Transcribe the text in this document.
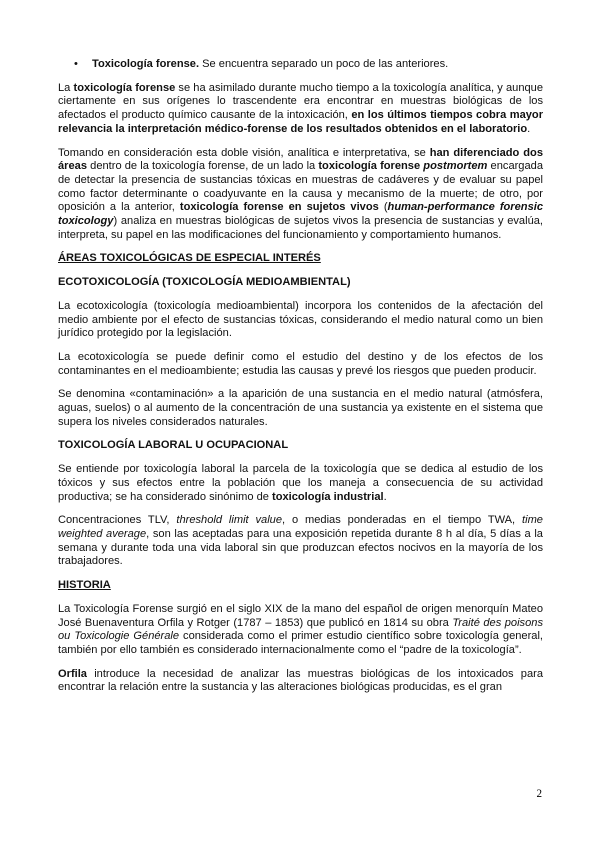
•	Toxicología forense. Se encuentra separado un poco de las anteriores.

La toxicología forense se ha asimilado durante mucho tiempo a la toxicología analítica, y aunque ciertamente en sus orígenes lo trascendente era encontrar en muestras biológicas de los afectados el producto químico causante de la intoxicación, en los últimos tiempos cobra mayor relevancia la interpretación médico-forense de los resultados obtenidos en el laboratorio.

Tomando en consideración esta doble visión, analítica e interpretativa, se han diferenciado dos áreas dentro de la toxicología forense, de un lado la toxicología forense postmortem encargada de detectar la presencia de sustancias tóxicas en muestras de cadáveres y de evaluar su papel como factor determinante o coadyuvante en la causa y mecanismo de la muerte; de otro, por oposición a la anterior, toxicología forense en sujetos vivos (human-performance forensic toxicology) analiza en muestras biológicas de sujetos vivos la presencia de sustancias y evalúa, interpreta, su papel en las modificaciones del funcionamiento y comportamiento humanos.

ÁREAS TOXICOLÓGICAS DE ESPECIAL INTERÉS
ECOTOXICOLOGÍA (TOXICOLOGÍA MEDIOAMBIENTAL)

La ecotoxicología (toxicología medioambiental) incorpora los contenidos de la afectación del medio ambiente por el efecto de sustancias tóxicas, considerando el medio natural como un bien jurídico protegido por la legislación.

La ecotoxicología se puede definir como el estudio del destino y de los efectos de los contaminantes en el medioambiente; estudia las causas y prevé los riesgos que pueden producir.

Se denomina «contaminación» a la aparición de una sustancia en el medio natural (atmósfera, aguas, suelos) o al aumento de la concentración de una sustancia ya existente en el sistema que supera los niveles considerados naturales.

TOXICOLOGÍA LABORAL U OCUPACIONAL

Se entiende por toxicología laboral la parcela de la toxicología que se dedica al estudio de los tóxicos y sus efectos entre la población que los maneja a consecuencia de su actividad productiva; se ha considerado sinónimo de toxicología industrial.

Concentraciones TLV, threshold limit value, o medias ponderadas en el tiempo TWA, time weighted average, son las aceptadas para una exposición repetida durante 8 h al día, 5 días a la semana y durante toda una vida laboral sin que produzcan efectos nocivos en la mayoría de los trabajadores.

HISTORIA

La Toxicología Forense surgió en el siglo XIX de la mano del español de origen menorquín Mateo José Buenaventura Orfila y Rotger (1787 – 1853) que publicó en 1814 su obra Traité des poisons ou Toxicologie Générale considerada como el primer estudio científico sobre toxicología general, también por ello también es considerado internacionalmente como el “padre de la toxicología”.

Orfila introduce la necesidad de analizar las muestras biológicas de los intoxicados para encontrar la relación entre la sustancia y las alteraciones biológicas producidas, es el gran

2
